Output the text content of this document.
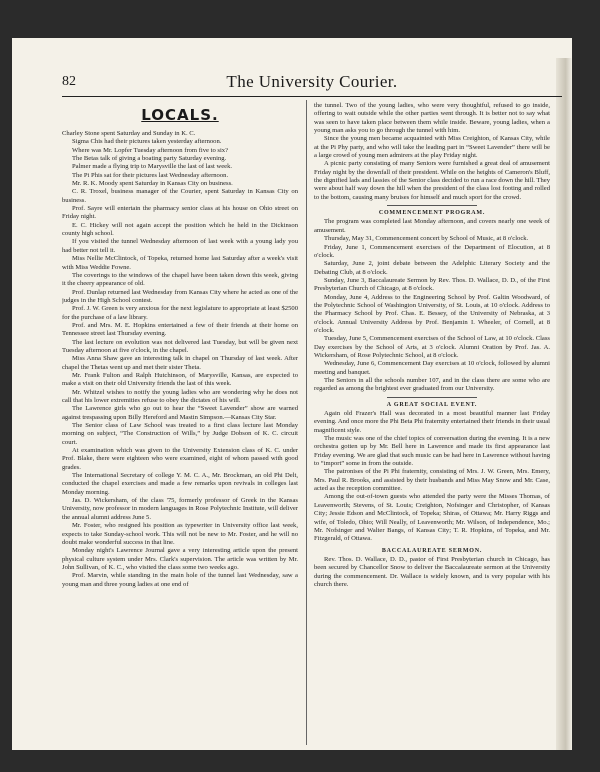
82	The University Courier.
LOCALS.

Charley Stone spent Saturday and Sunday in K. C.

Sigma Chis had their pictures taken yesterday afternoon.

Where was Mr. Lopfer Tuesday afternoon from five to six?

The Betas talk of giving a boating party Saturday evening.

Palmer made a flying trip to Marysville the last of last week.

The Pi Phis sat for their pictures last Wednesday afternoon.

Mr. R. K. Moody spent Saturday in Kansas City on business.

C. R. Troxel, business manager of the Courier, spent Saturday in Kansas City on business.

Prof. Sayre will entertain the pharmacy senior class at his house on Ohio street on Friday night.

E. C. Hickey will not again accept the position which he held in the Dickinson county high school.

If you visited the tunnel Wednesday afternoon of last week with a young lady you had better not tell it.

Miss Nellie McClintock, of Topeka, returned home last Saturday after a week's visit with Miss Weddie Fowne.

The coverings to the windows of the chapel have been taken down this week, giving it the cheery appearance of old.

Prof. Dunlap returned last Wednesday from Kansas City where he acted as one of the judges in the High School contest.

Prof. J. W. Green is very anxious for the next legislature to appropriate at least $2500 for the purchase of a law library.

Prof. and Mrs. M. E. Hopkins entertained a few of their friends at their home on Tennessee street last Thursday evening.

The last lecture on evolution was not delivered last Tuesday, but will be given next Tuesday afternoon at five o'clock, in the chapel.

Miss Anna Shaw gave an interesting talk in chapel on Thursday of last week. After chapel the Thetas went up and met their sister Theta.

Mr. Frank Fulton and Ralph Hutchinson, of Marysville, Kansas, are expected to make a visit on their old University friends the last of this week.

Mr. Whitzel wishes to notify the young ladies who are wondering why he does not call that his lower extremities refuse to obey the dictates of his will.

The Lawrence girls who go out to hear the “Sweet Lavender” show are warned against trespassing upon Billy Hereford and Mastin Simpson.—Kansas City Star.

The Senior class of Law School was treated to a first class lecture last Monday morning on subject, “The Construction of Wills,” by Judge Dobson of K. C. circuit court.

At examination which was given to the University Extension class of K. C. under Prof. Blake, there were eighteen who were examined, eight of whom passed with good grades.

The International Secretary of college Y. M. C. A., Mr. Brockman, an old Phi Delt, conducted the chapel exercises and made a few remarks upon revivals in colleges last Monday morning.

Jas. D. Wickersham, of the class '75, formerly professor of Greek in the Kansas University, now professor in modern languages in Rose Polytechnic Institute, will deliver the annual alumni address June 5.

Mr. Foster, who resigned his position as typewriter in University office last week, expects to take Sunday-school work. This will not be new to Mr. Foster, and he will no doubt make wonderful success in that line.

Monday night's Lawrence Journal gave a very interesting article upon the present physical culture system under Mrs. Clark's supervision. The article was written by Mr. John Sullivan, of K. C., who visited the class some two weeks ago.

Prof. Marvin, while standing in the main hole of the tunnel last Wednesday, saw a young man and three young ladies at one end of

the tunnel. Two of the young ladies, who were very thoughtful, refused to go inside, offering to wait outside while the other parties went through. It is better not to say what was seen to have taken place between them while inside. Beware, young ladies, when a young man asks you to go through the tunnel with him.

Since the young men became acquainted with Miss Creighton, of Kansas City, while at the Pi Phy party, and who will take the leading part in “Sweet Lavender” there will be a large crowd of young men admirers at the play Friday night.

A picnic party consisting of many Seniors were furnished a great deal of amusement Friday night by the downfall of their president. While on the heights of Cameron's Bluff, the dignified lads and lassies of the Senior class decided to run a race down the hill. They were about half way down the hill when the president of the class lost footing and rolled to the bottom, causing many bruises for himself and much sport for the crowd.

COMMENCEMENT PROGRAM.

The program was completed last Monday afternoon, and covers nearly one week of amusement.

Thursday, May 31, Commencement concert by School of Music, at 8 o'clock.

Friday, June 1, Commencement exercises of the Department of Elocution, at 8 o'clock.

Saturday, June 2, joint debate between the Adelphic Literary Society and the Debating Club, at 8 o'clock.

Sunday, June 3, Baccalaureate Sermon by Rev. Thos. D. Wallace, D. D., of the First Presbyterian Church of Chicago, at 8 o'clock.

Monday, June 4, Address to the Engineering School by Prof. Galtin Woodward, of the Polytechnic School of Washington University, of St. Louis, at 10 o'clock. Address to the Pharmacy School by Prof. Chas. E. Bessey, of the University of Nebraska, at 3 o'clock. Annual University Address by Prof. Benjamin I. Wheeler, of Cornell, at 8 o'clock.

Tuesday, June 5, Commencement exercises of the School of Law, at 10 o'clock. Class Day exercises by the School of Arts, at 3 o'clock. Alumni Oration by Prof. Jas. A. Wickersham, of Rose Polytechnic School, at 8 o'clock.

Wednesday, June 6, Commencement Day exercises at 10 o'clock, followed by alumni meeting and banquet.

The Seniors in all the schools number 107, and in the class there are some who are regarded as among the brightest ever graduated from our University.

A GREAT SOCIAL EVENT.

Again old Frazer's Hall was decorated in a most beautiful manner last Friday evening. And once more the Phi Beta Phi fraternity entertained their friends in their usual magnificent style.

The music was one of the chief topics of conversation during the evening. It is a new orchestra gotten up by Mr. Bell here in Lawrence and made its first appearance last Friday evening. We are glad that such music can be had here in Lawrence without having to “import” some in from the outside.

The patronises of the Pi Phi fraternity, consisting of Mrs. J. W. Green, Mrs. Emery, Mrs. Paul R. Brooks, and assisted by their husbands and Miss May Snow and Mr. Case, acted as the reception committee.

Among the out-of-town guests who attended the party were the Misses Thomas, of Leavenworth; Stevens, of St. Louis; Creighton, Nofsinger and Christopher, of Kansas City; Jessie Edson and McClintock, of Topeka; Shiras, of Ottawa; Mr. Harry Riggs and wife, of Toledo, Ohio; Will Neally, of Leavenworth; Mr. Wilson, of Independence, Mo.; Mr. Nofsinger and Walter Bangs, of Kansas City; T. R. Hopkins, of Topeka, and Mr. Fitzgerald, of Ottawa.

BACCALAUREATE SERMON.

Rev. Thos. D. Wallace, D. D., pastor of First Presbyterian church in Chicago, has been secured by Chancellor Snow to deliver the Baccalaureate sermon at the University during the commencement. Dr. Wallace is widely known, and is very popular with his church there.
